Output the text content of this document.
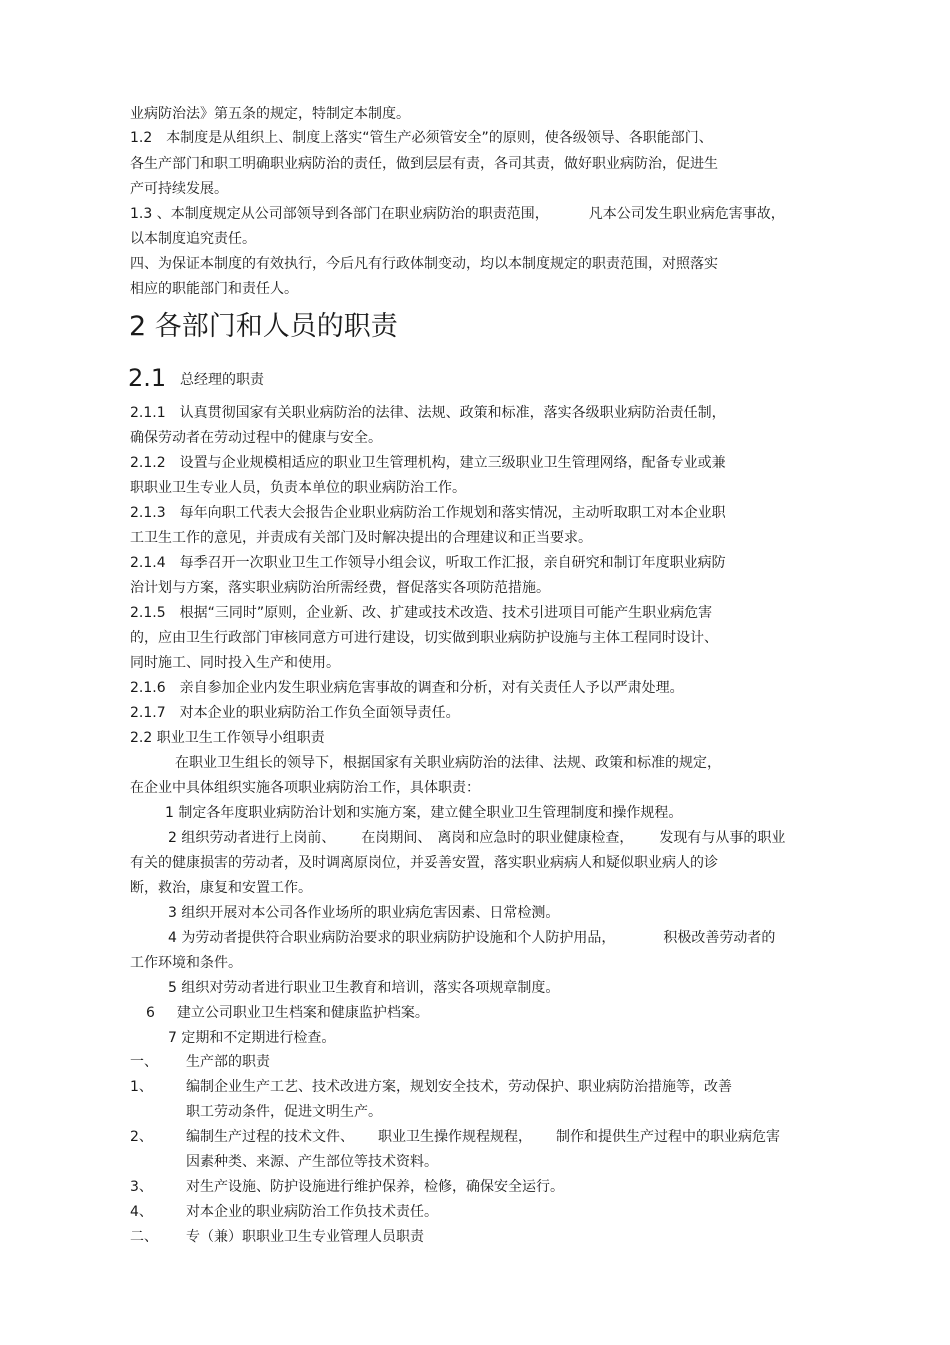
业病防治法》第五条的规定，特制定本制度。
1.2　本制度是从组织上、制度上落实“管生产必须管安全”的原则，使各级领导、各职能部门、
各生产部门和职工明确职业病防治的责任，做到层层有责，各司其责，做好职业病防治，促进生
产可持续发展。
1.3 、本制度规定从公司部领导到各部门在职业病防治的职责范围，	凡本公司发生职业病危害事故，
以本制度追究责任。
四、为保证本制度的有效执行，今后凡有行政体制变动，均以本制度规定的职责范围，对照落实
相应的职能部门和责任人。
2 各部门和人员的职责
2.1 总经理的职责
2.1.1　认真贯彻国家有关职业病防治的法律、法规、政策和标准，落实各级职业病防治责任制，
确保劳动者在劳动过程中的健康与安全。
2.1.2　设置与企业规模相适应的职业卫生管理机构，建立三级职业卫生管理网络，配备专业或兼
职职业卫生专业人员，负责本单位的职业病防治工作。
2.1.3　每年向职工代表大会报告企业职业病防治工作规划和落实情况，主动听取职工对本企业职
工卫生工作的意见，并责成有关部门及时解决提出的合理建议和正当要求。
2.1.4　每季召开一次职业卫生工作领导小组会议，听取工作汇报，亲自研究和制订年度职业病防
治计划与方案，落实职业病防治所需经费，督促落实各项防范措施。
2.1.5　根据“三同时”原则，企业新、改、扩建或技术改造、技术引进项目可能产生职业病危害
的，应由卫生行政部门审核同意方可进行建设，切实做到职业病防护设施与主体工程同时设计、
同时施工、同时投入生产和使用。
2.1.6　亲自参加企业内发生职业病危害事故的调查和分析，对有关责任人予以严肃处理。
2.1.7　对本企业的职业病防治工作负全面领导责任。
2.2 职业卫生工作领导小组职责
在职业卫生组长的领导下，根据国家有关职业病防治的法律、法规、政策和标准的规定，
在企业中具体组织实施各项职业病防治工作，具体职责：
1 制定各年度职业病防治计划和实施方案，建立健全职业卫生管理制度和操作规程。
2 组织劳动者进行上岗前、 在岗期间、 离岗和应急时的职业健康检查， 发现有与从事的职业
有关的健康损害的劳动者，及时调离原岗位，并妥善安置，落实职业病病人和疑似职业病人的诊
断，救治，康复和安置工作。
3 组织开展对本公司各作业场所的职业病危害因素、日常检测。
4 为劳动者提供符合职业病防治要求的职业病防护设施和个人防护用品，	积极改善劳动者的
工作环境和条件。
5 组织对劳动者进行职业卫生教育和培训，落实各项规章制度。
6 建立公司职业卫生档案和健康监护档案。
7 定期和不定期进行检查。
一、 生产部的职责
1、 编制企业生产工艺、技术改进方案，规划安全技术，劳动保护、职业病防治措施等，改善
职工劳动条件，促进文明生产。
2、 编制生产过程的技术文件、 职业卫生操作规程规程， 制作和提供生产过程中的职业病危害
因素种类、来源、产生部位等技术资料。
3、 对生产设施、防护设施进行维护保养，检修，确保安全运行。
4、 对本企业的职业病防治工作负技术责任。
二、 专（兼）职职业卫生专业管理人员职责
